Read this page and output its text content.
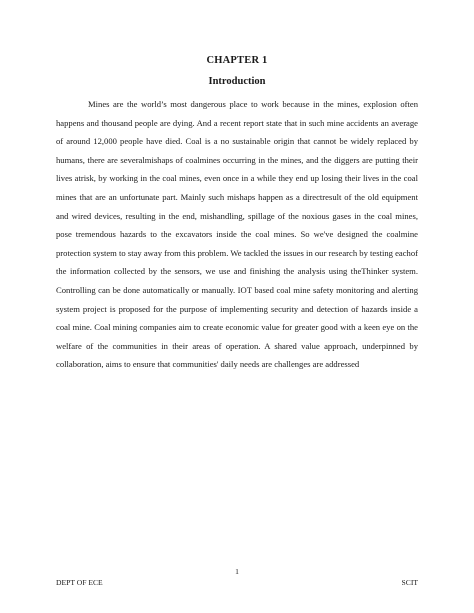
CHAPTER 1
Introduction

Mines are the world’s most dangerous place to work because in the mines, explosion often happens and thousand people are dying. And a recent report state that in such mine accidents an average of around 12,000 people have died. Coal is a no sustainable origin that cannot be widely replaced by humans, there are severalmishaps of coalmines occurring in the mines, and the diggers are putting their lives atrisk, by working in the coal mines, even once in a while they end up losing their lives in the coal mines that are an unfortunate part. Mainly such mishaps happen as a directresult of the old equipment and wired devices, resulting in the end, mishandling, spillage of the noxious gases in the coal mines, pose tremendous hazards to the excavators inside the coal mines. So we've designed the coalmine protection system to stay away from this problem. We tackled the issues in our research by testing eachof the information collected by the sensors, we use and finishing the analysis using theThinker system. Controlling can be done automatically or manually. IOT based coal mine safety monitoring and alerting system project is proposed for the purpose of implementing security and detection of hazards inside a coal mine. Coal mining companies aim to create economic value for greater good with a keen eye on the welfare of the communities in their areas of operation. A shared value approach, underpinned by collaboration, aims to ensure that communities' daily needs are challenges are addressed

1
DEPT OF ECE	SCIT
